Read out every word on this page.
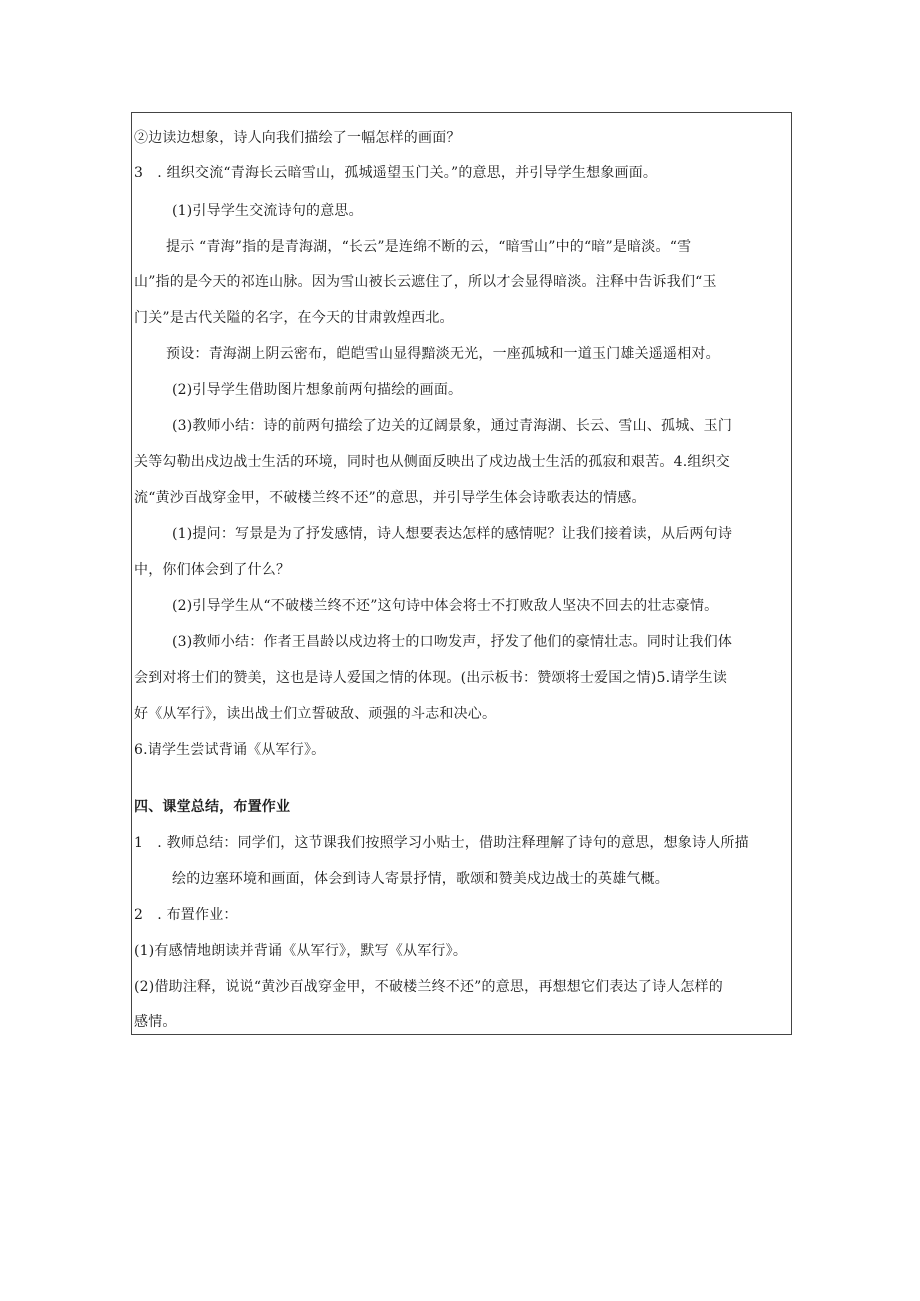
②边读边想象，诗人向我们描绘了一幅怎样的画面？
3　. 组织交流“青海长云暗雪山，孤城遥望玉门关。”的意思，并引导学生想象画面。
(1)引导学生交流诗句的意思。
提示 “青海”指的是青海湖，“长云”是连绵不断的云，“暗雪山”中的“暗”是暗淡。“雪
山”指的是今天的祁连山脉。因为雪山被长云遮住了，所以才会显得暗淡。注释中告诉我们“玉
门关”是古代关隘的名字，在今天的甘肃敦煌西北。
预设：青海湖上阴云密布，皑皑雪山显得黯淡无光，一座孤城和一道玉门雄关遥遥相对。
(2)引导学生借助图片想象前两句描绘的画面。
(3)教师小结：诗的前两句描绘了边关的辽阔景象，通过青海湖、长云、雪山、孤城、玉门
关等勾勒出戍边战士生活的环境，同时也从侧面反映出了戍边战士生活的孤寂和艰苦。4.组织交
流“黄沙百战穿金甲，不破楼兰终不还”的意思，并引导学生体会诗歌表达的情感。
(1)提问：写景是为了抒发感情，诗人想要表达怎样的感情呢？让我们接着读，从后两句诗
中，你们体会到了什么？
(2)引导学生从“不破楼兰终不还”这句诗中体会将士不打败敌人坚决不回去的壮志豪情。
(3)教师小结：作者王昌龄以戍边将士的口吻发声，抒发了他们的豪情壮志。同时让我们体
会到对将士们的赞美，这也是诗人爱国之情的体现。(出示板书：赞颂将士爱国之情)5.请学生读
好《从军行》，读出战士们立誓破敌、顽强的斗志和决心。
6.请学生尝试背诵《从军行》。
四、课堂总结，布置作业
1　. 教师总结：同学们，这节课我们按照学习小贴士，借助注释理解了诗句的意思，想象诗人所描
绘的边塞环境和画面，体会到诗人寄景抒情，歌颂和赞美戍边战士的英雄气概。
2　. 布置作业：
(1)有感情地朗读并背诵《从军行》，默写《从军行》。
(2)借助注释，说说“黄沙百战穿金甲，不破楼兰终不还”的意思，再想想它们表达了诗人怎样的
感情。
